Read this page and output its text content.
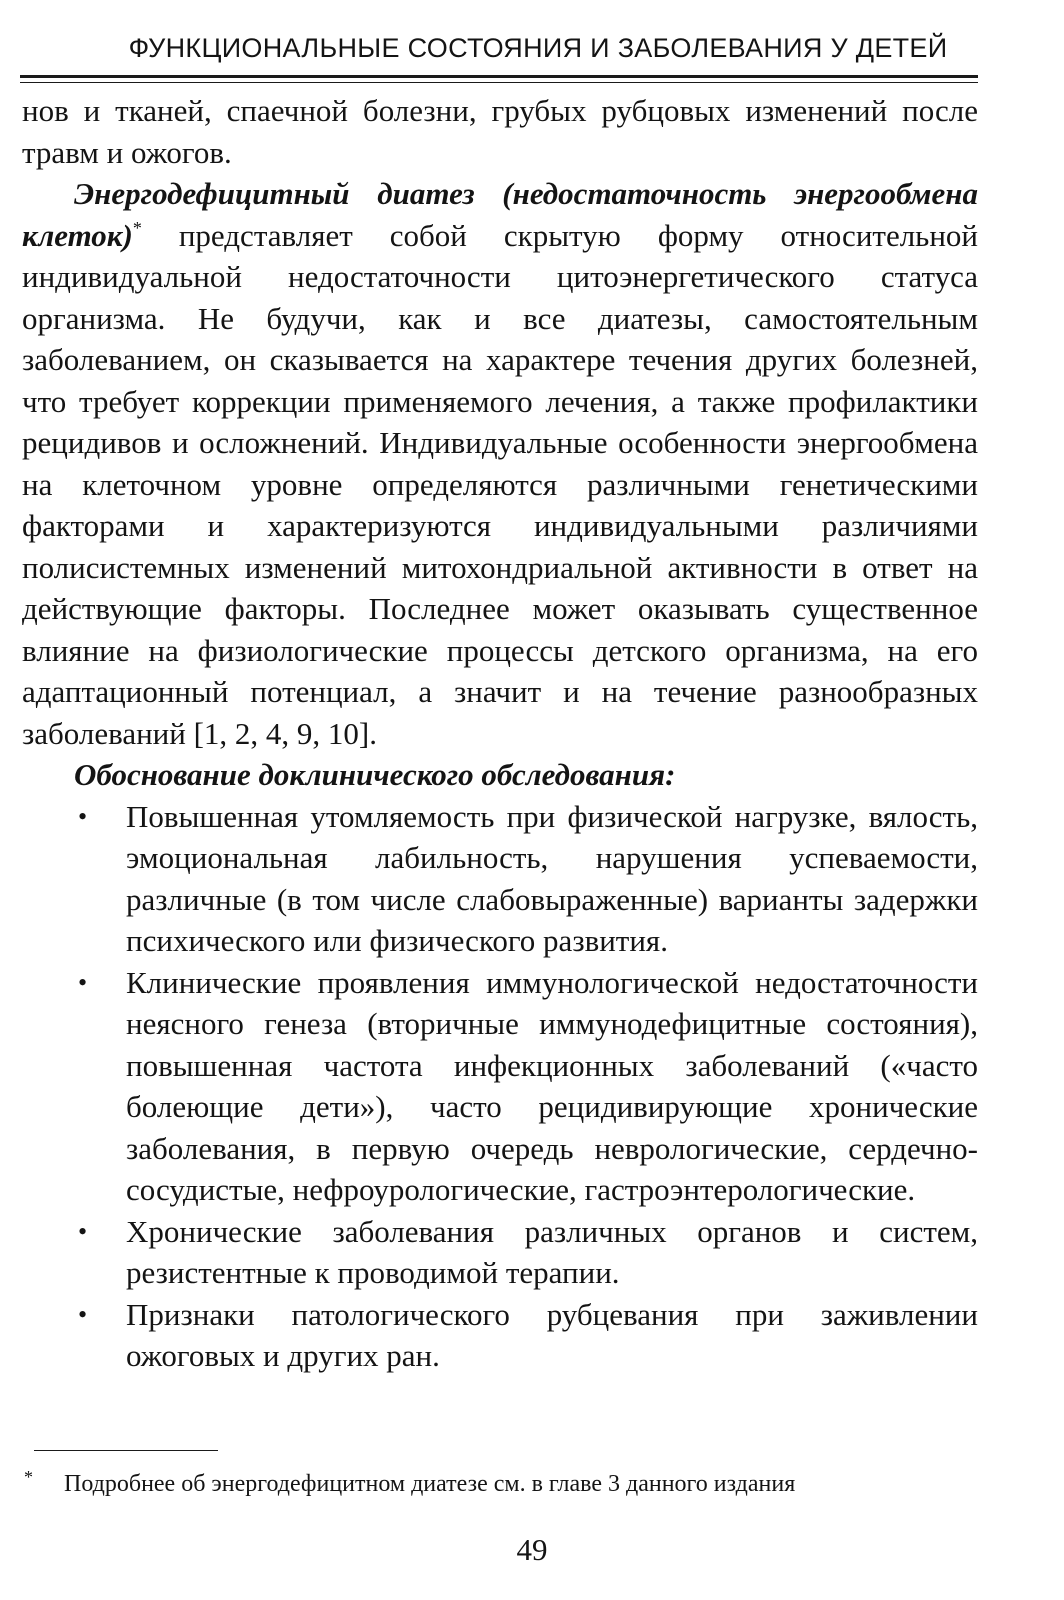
ФУНКЦИОНАЛЬНЫЕ СОСТОЯНИЯ И ЗАБОЛЕВАНИЯ У ДЕТЕЙ

нов и тканей, спаечной болезни, грубых рубцовых изменений после травм и ожогов.

Энергодефицитный диатез (недостаточность энергообмена клеток)* представляет собой скрытую форму относительной индивидуальной недостаточности цитоэнергетического статуса организма. Не будучи, как и все диатезы, самостоятельным заболеванием, он сказывается на характере течения других болезней, что требует коррекции применяемого лечения, а также профилактики рецидивов и осложнений. Индивидуальные особенности энергообмена на клеточном уровне определяются различными генетическими факторами и характеризуются индивидуальными различиями полисистемных изменений митохондриальной активности в ответ на действующие факторы. Последнее может оказывать существенное влияние на физиологические процессы детского организма, на его адаптационный потенциал, а значит и на течение разнообразных заболеваний [1, 2, 4, 9, 10].

Обоснование доклинического обследования:

• Повышенная утомляемость при физической нагрузке, вялость, эмоциональная лабильность, нарушения успеваемости, различные (в том числе слабовыраженные) варианты задержки психического или физического развития.
• Клинические проявления иммунологической недостаточности неясного генеза (вторичные иммунодефицитные состояния), повышенная частота инфекционных заболеваний («часто болеющие дети»), часто рецидивирующие хронические заболевания, в первую очередь неврологические, сердечно-сосудистые, нефроурологические, гастроэнтерологические.
• Хронические заболевания различных органов и систем, резистентные к проводимой терапии.
• Признаки патологического рубцевания при заживлении ожоговых и других ран.
* Подробнее об энергодефицитном диатезе см. в главе 3 данного издания
49
